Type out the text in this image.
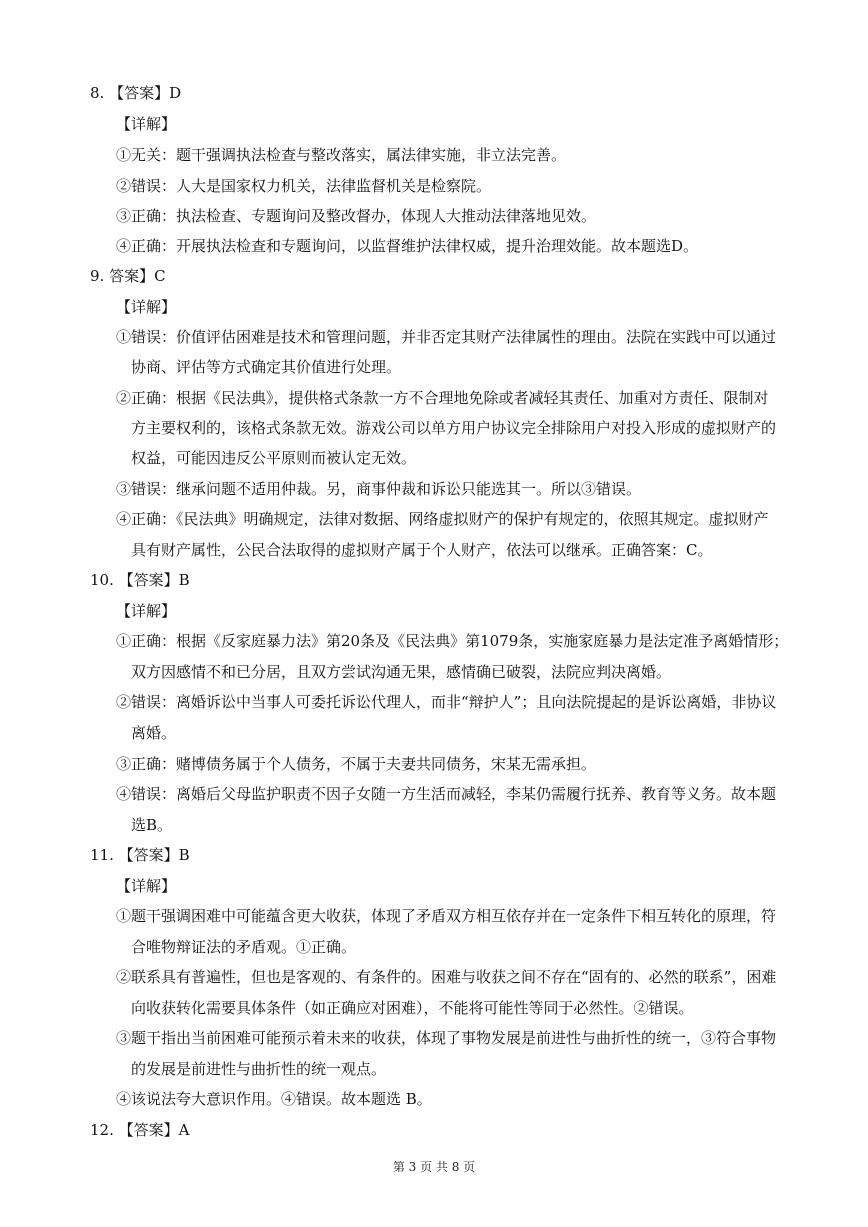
8. 【答案】D
【详解】
①无关：题干强调执法检查与整改落实，属法律实施，非立法完善。
②错误：人大是国家权力机关，法律监督机关是检察院。
③正确：执法检查、专题询问及整改督办，体现人大推动法律落地见效。
④正确：开展执法检查和专题询问，以监督维护法律权威，提升治理效能。故本题选D。
9. 答案】C
【详解】
①错误：价值评估困难是技术和管理问题，并非否定其财产法律属性的理由。法院在实践中可以通过
协商、评估等方式确定其价值进行处理。
②正确：根据《民法典》，提供格式条款一方不合理地免除或者减轻其责任、加重对方责任、限制对
方主要权利的，该格式条款无效。游戏公司以单方用户协议完全排除用户对投入形成的虚拟财产的
权益，可能因违反公平原则而被认定无效。
③错误：继承问题不适用仲裁。另，商事仲裁和诉讼只能选其一。所以③错误。
④正确：《民法典》明确规定，法律对数据、网络虚拟财产的保护有规定的，依照其规定。虚拟财产
具有财产属性，公民合法取得的虚拟财产属于个人财产，依法可以继承。正确答案：C。
10. 【答案】B
【详解】
①正确：根据《反家庭暴力法》第20条及《民法典》第1079条，实施家庭暴力是法定准予离婚情形；
双方因感情不和已分居，且双方尝试沟通无果，感情确已破裂，法院应判决离婚。
②错误：离婚诉讼中当事人可委托诉讼代理人，而非“辩护人”；且向法院提起的是诉讼离婚，非协议
离婚。
③正确：赌博债务属于个人债务，不属于夫妻共同债务，宋某无需承担。
④错误：离婚后父母监护职责不因子女随一方生活而减轻，李某仍需履行抚养、教育等义务。故本题
选B。
11. 【答案】B
【详解】
①题干强调困难中可能蕴含更大收获，体现了矛盾双方相互依存并在一定条件下相互转化的原理，符
合唯物辩证法的矛盾观。①正确。
②联系具有普遍性，但也是客观的、有条件的。困难与收获之间不存在“固有的、必然的联系”，困难
向收获转化需要具体条件（如正确应对困难），不能将可能性等同于必然性。②错误。
③题干指出当前困难可能预示着未来的收获，体现了事物发展是前进性与曲折性的统一，③符合事物
的发展是前进性与曲折性的统一观点。
④该说法夸大意识作用。④错误。故本题选 B。
12. 【答案】A
第 3 页 共 8 页
